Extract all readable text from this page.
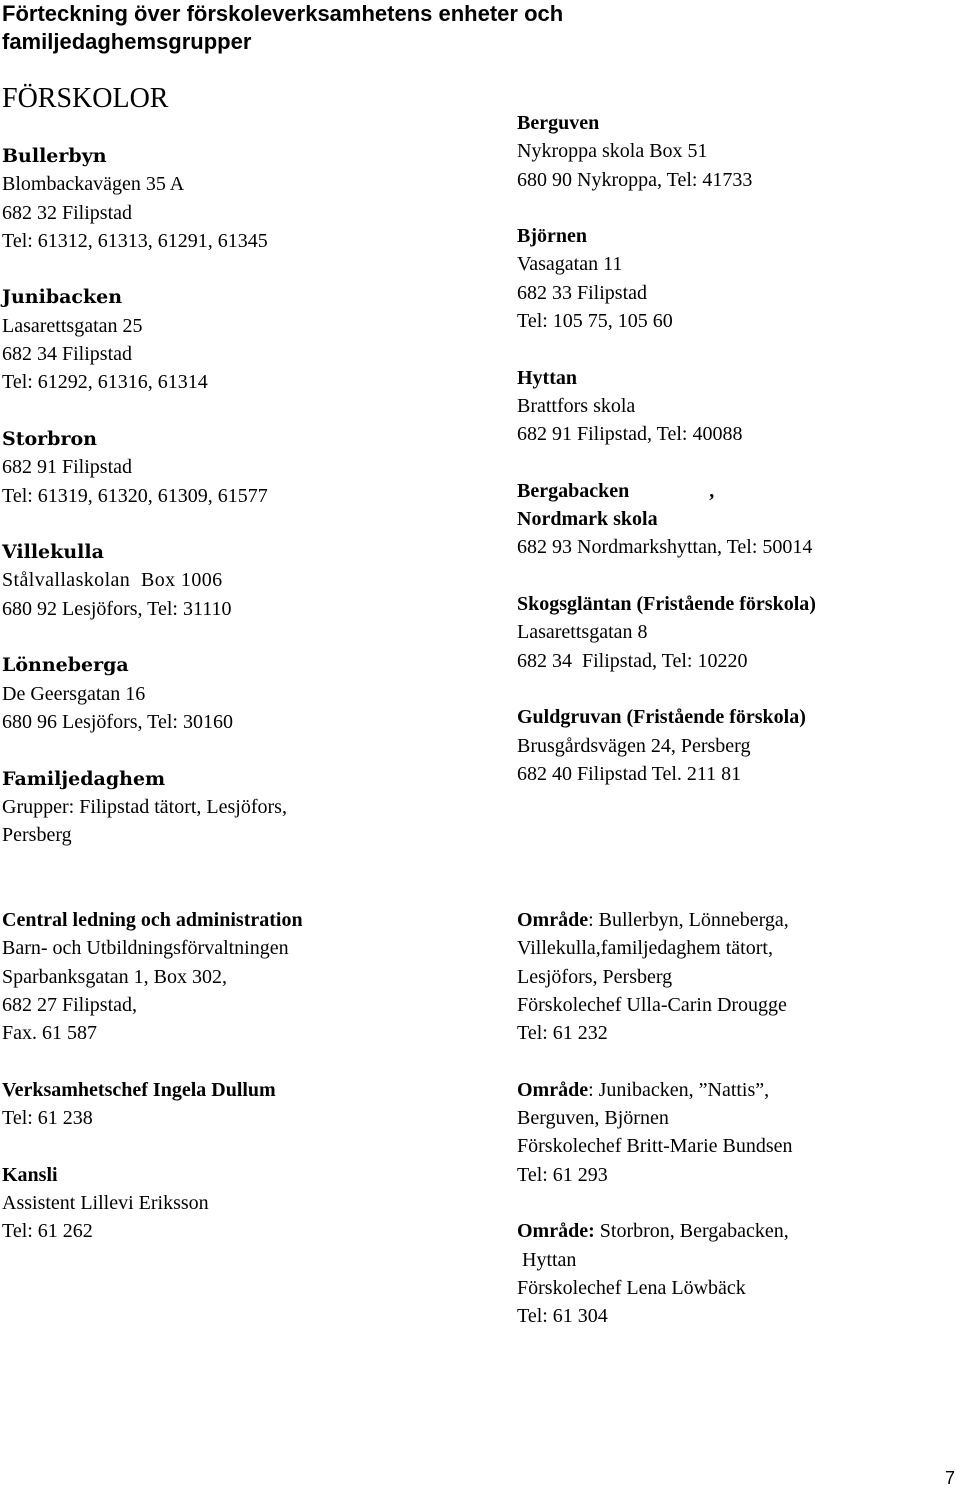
Förteckning över förskoleverksamhetens enheter och
familjedaghemsgrupper
FÖRSKOLOR
Bullerbyn
Blombackavägen 35 A
682 32 Filipstad
Tel: 61312, 61313, 61291, 61345
Junibacken
Lasarettsgatan 25
682 34 Filipstad
Tel: 61292, 61316, 61314
Storbron
682 91 Filipstad
Tel: 61319, 61320, 61309, 61577
Villekulla
Stålvallaskolan  Box 1006
680 92 Lesjöfors, Tel: 31110
Lönneberga
De Geersgatan 16
680 96 Lesjöfors, Tel: 30160
Familjedaghem
Grupper: Filipstad tätort, Lesjöfors,
Persberg
Berguven
Nykroppa skola Box 51
680 90 Nykroppa, Tel: 41733
Björnen
Vasagatan 11
682 33 Filipstad
Tel: 105 75, 105 60
Hyttan
Brattfors skola
682 91 Filipstad, Tel: 40088
Bergabacken                ,
Nordmark skola
682 93 Nordmarkshyttan, Tel: 50014
Skogsgläntan (Fristående förskola)
Lasarettsgatan 8
682 34  Filipstad, Tel: 10220
Guldgruvan (Fristående förskola)
Brusgårdsvägen 24, Persberg
682 40 Filipstad Tel. 211 81
Central ledning och administration
Barn- och Utbildningsförvaltningen
Sparbanksgatan 1, Box 302,
682 27 Filipstad,
Fax. 61 587
Verksamhetschef Ingela Dullum
Tel: 61 238
Kansli
Assistent Lillevi Eriksson
Tel: 61 262
Område: Bullerbyn, Lönneberga,
Villekulla,familjedaghem tätort,
Lesjöfors, Persberg
Förskolechef Ulla-Carin Drougge
Tel: 61 232
Område: Junibacken, ”Nattis”,
Berguven, Björnen
Förskolechef Britt-Marie Bundsen
Tel: 61 293
Område: Storbron, Bergabacken,
Hyttan
Förskolechef Lena Löwbäck
Tel: 61 304
7
